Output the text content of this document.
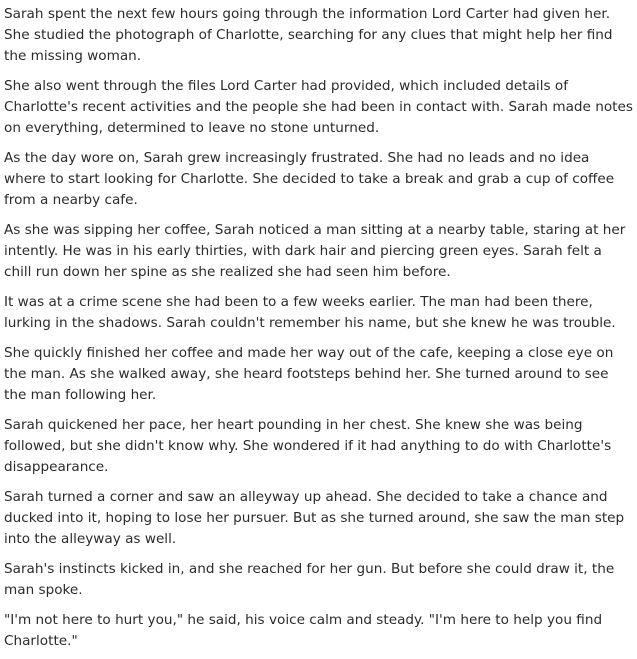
Sarah spent the next few hours going through the information Lord Carter had given her. She studied the photograph of Charlotte, searching for any clues that might help her find the missing woman.

She also went through the files Lord Carter had provided, which included details of Charlotte's recent activities and the people she had been in contact with. Sarah made notes on everything, determined to leave no stone unturned.

As the day wore on, Sarah grew increasingly frustrated. She had no leads and no idea where to start looking for Charlotte. She decided to take a break and grab a cup of coffee from a nearby cafe.

As she was sipping her coffee, Sarah noticed a man sitting at a nearby table, staring at her intently. He was in his early thirties, with dark hair and piercing green eyes. Sarah felt a chill run down her spine as she realized she had seen him before.

It was at a crime scene she had been to a few weeks earlier. The man had been there, lurking in the shadows. Sarah couldn't remember his name, but she knew he was trouble.

She quickly finished her coffee and made her way out of the cafe, keeping a close eye on the man. As she walked away, she heard footsteps behind her. She turned around to see the man following her.

Sarah quickened her pace, her heart pounding in her chest. She knew she was being followed, but she didn't know why. She wondered if it had anything to do with Charlotte's disappearance.

Sarah turned a corner and saw an alleyway up ahead. She decided to take a chance and ducked into it, hoping to lose her pursuer. But as she turned around, she saw the man step into the alleyway as well.

Sarah's instincts kicked in, and she reached for her gun. But before she could draw it, the man spoke.

"I'm not here to hurt you," he said, his voice calm and steady. "I'm here to help you find Charlotte."
